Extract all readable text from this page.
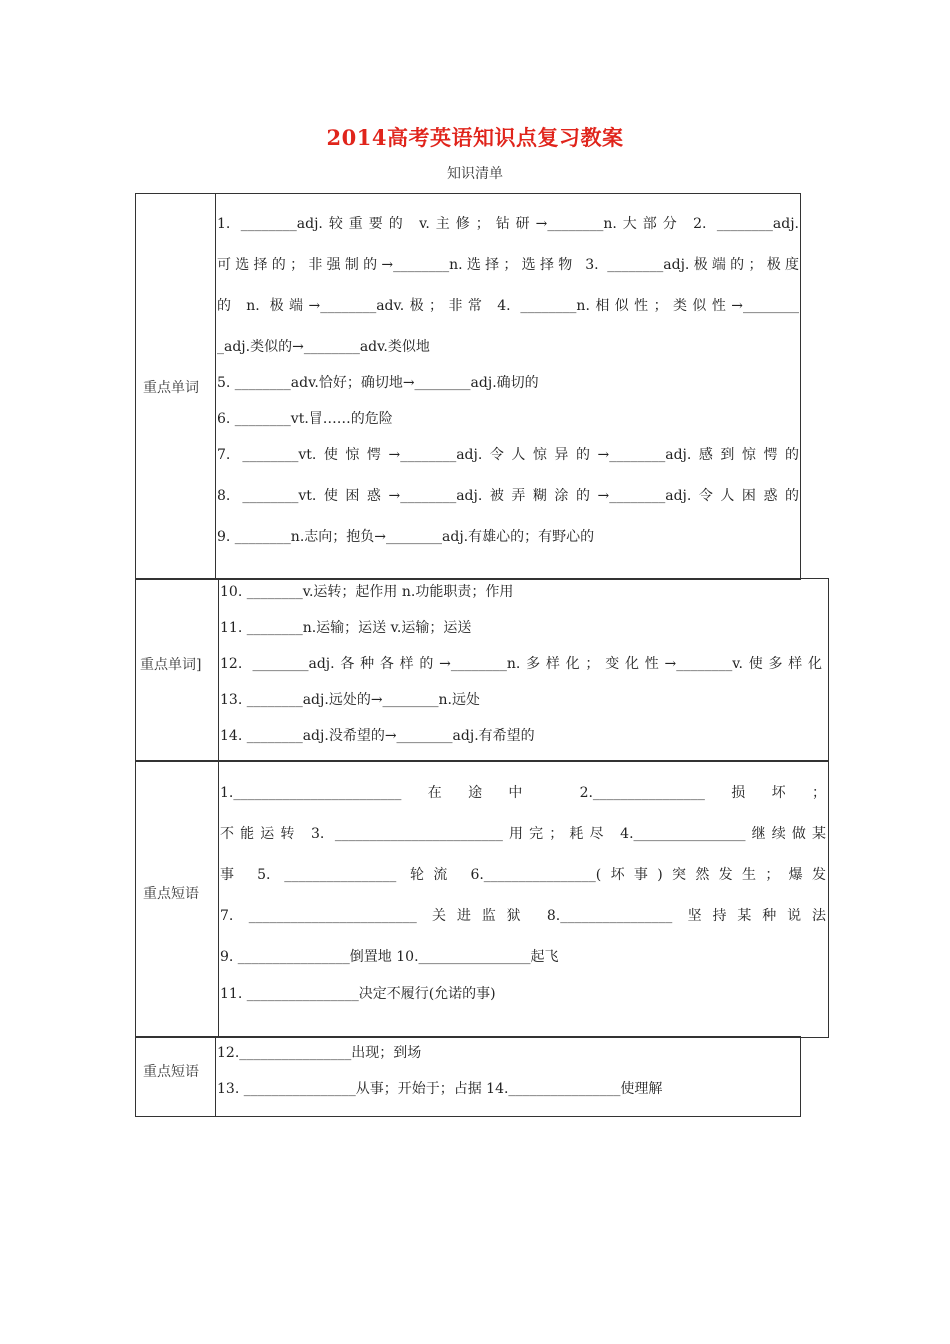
2014高考英语知识点复习教案
知识清单
重点单词
1. ________adj.较重要的 v.主修；钻研→________n.大部分 2. ________adj.
可选择的；非强制的→________n.选择；选择物 3. ________adj.极端的；极度
的 n. 极端→________adv.极；非常 4. ________n.相似性；类似性→________
_adj.类似的→________adv.类似地
5. ________adv.恰好；确切地→________adj.确切的
6. ________vt.冒……的危险
7. ________vt.使惊愕→________adj.令人惊异的→________adj.感到惊愕的
8. ________vt.使困惑→________adj.被弄糊涂的→________adj.令人困惑的
9. ________n.志向；抱负→________adj.有雄心的；有野心的
重点单词]
10. ________v.运转；起作用 n.功能职责；作用
11. ________n.运输；运送 v.运输；运送
12. ________adj.各种各样的→________n.多样化；变化性→________v.使多样化
13. ________adj.远处的→________n.远处
14. ________adj.没希望的→________adj.有希望的
重点短语
1.________________________在途中 2.________________损坏；
不能运转 3. ________________________用完；耗尽 4.________________继续做某
事 5. ________________ 轮流 6.________________(坏事)突然发生；爆发
7. ________________________ 关进监狱 8.________________ 坚持某种说法
9. ________________倒置地 10.________________起飞
11. ________________决定不履行(允诺的事)
重点短语
12.________________出现；到场
13. ________________从事；开始于；占据 14.________________使理解
